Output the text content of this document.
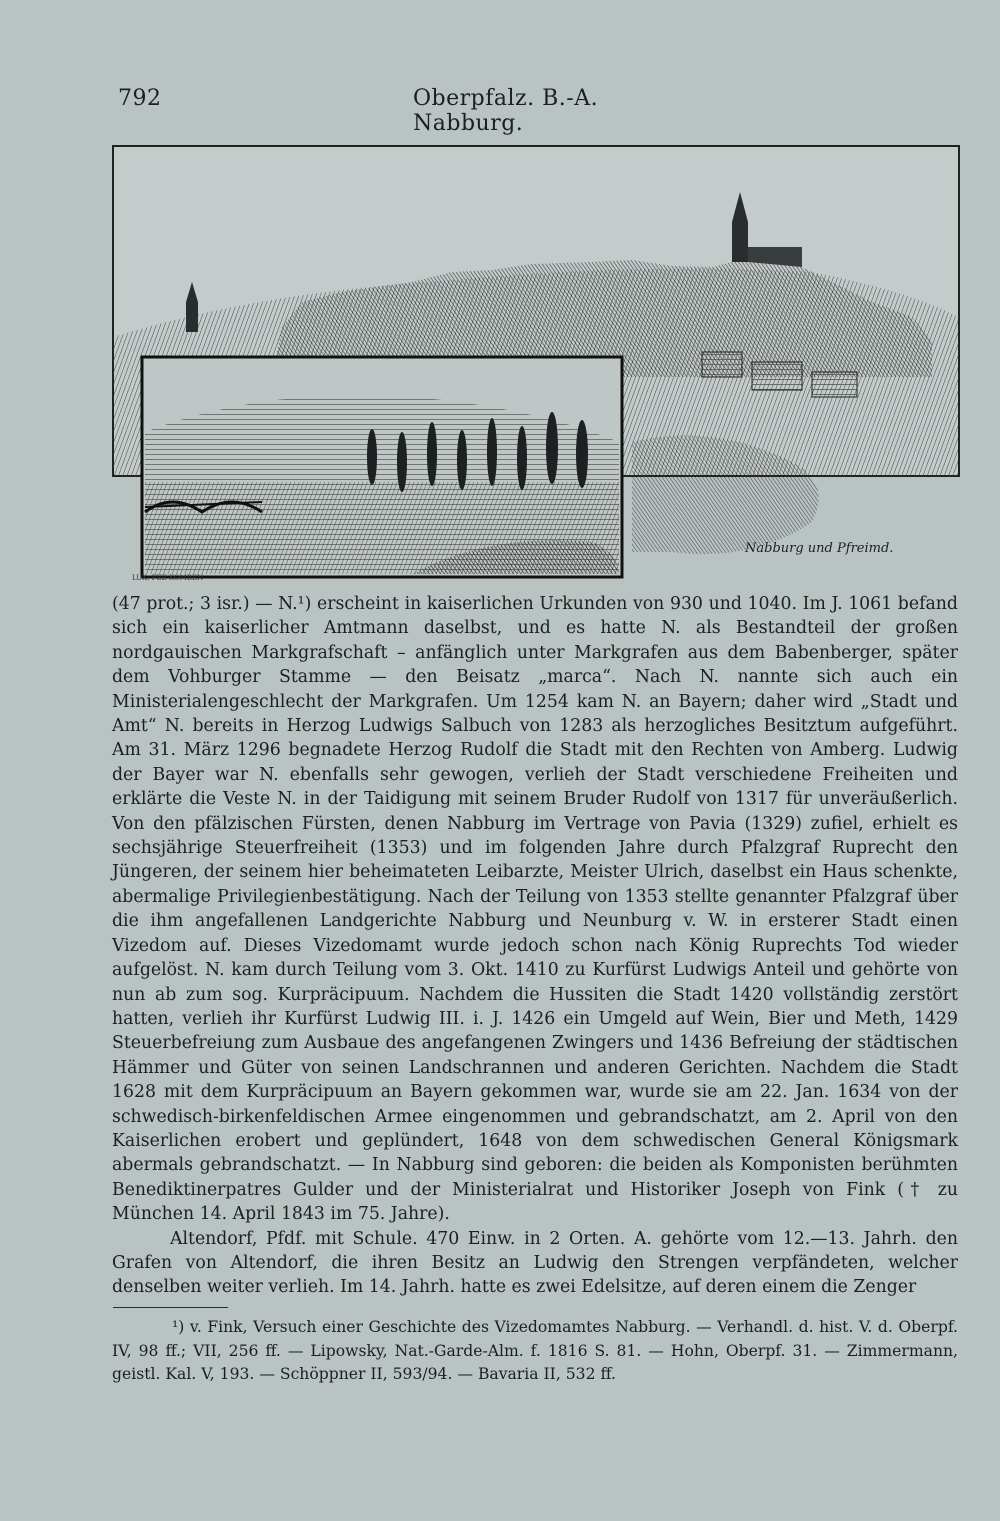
792	Oberpfalz. B.-A. Nabburg.
Nabburg und Pfreimd.
LUX. FEE KOMBEN

(47 prot.; 3 isr.) — N.¹) erscheint in kaiserlichen Urkunden von 930 und 1040. Im J. 1061 befand sich ein kaiserlicher Amtmann daselbst, und es hatte N. als Bestandteil der großen nordgauischen Markgrafschaft – anfänglich unter Markgrafen aus dem Babenberger, später dem Vohburger Stamme — den Beisatz „marca“. Nach N. nannte sich auch ein Ministerialengeschlecht der Markgrafen. Um 1254 kam N. an Bayern; daher wird „Stadt und Amt“ N. bereits in Herzog Ludwigs Salbuch von 1283 als herzogliches Besitztum aufgeführt. Am 31. März 1296 begnadete Herzog Rudolf die Stadt mit den Rechten von Amberg. Ludwig der Bayer war N. ebenfalls sehr gewogen, verlieh der Stadt verschiedene Freiheiten und erklärte die Veste N. in der Taidigung mit seinem Bruder Rudolf von 1317 für unveräußerlich. Von den pfälzischen Fürsten, denen Nabburg im Vertrage von Pavia (1329) zufiel, erhielt es sechsjährige Steuerfreiheit (1353) und im folgenden Jahre durch Pfalzgraf Ruprecht den Jüngeren, der seinem hier beheimateten Leibarzte, Meister Ulrich, daselbst ein Haus schenkte, abermalige Privilegienbestätigung. Nach der Teilung von 1353 stellte genannter Pfalzgraf über die ihm angefallenen Landgerichte Nabburg und Neunburg v. W. in ersterer Stadt einen Vizedom auf. Dieses Vizedomamt wurde jedoch schon nach König Ruprechts Tod wieder aufgelöst. N. kam durch Teilung vom 3. Okt. 1410 zu Kurfürst Ludwigs Anteil und gehörte von nun ab zum sog. Kurpräcipuum. Nachdem die Hussiten die Stadt 1420 vollständig zerstört hatten, verlieh ihr Kurfürst Ludwig III. i. J. 1426 ein Umgeld auf Wein, Bier und Meth, 1429 Steuerbefreiung zum Ausbaue des angefangenen Zwingers und 1436 Befreiung der städtischen Hämmer und Güter von seinen Landschrannen und anderen Gerichten. Nachdem die Stadt 1628 mit dem Kurpräcipuum an Bayern gekommen war, wurde sie am 22. Jan. 1634 von der schwedisch-birkenfeldischen Armee eingenommen und gebrandschatzt, am 2. April von den Kaiserlichen erobert und geplündert, 1648 von dem schwedischen General Königsmark abermals gebrandschatzt. — In Nabburg sind geboren: die beiden als Komponisten berühmten Benediktinerpatres Gulder und der Ministerialrat und Historiker Joseph von Fink († zu München 14. April 1843 im 75. Jahre).

Altendorf, Pfdf. mit Schule. 470 Einw. in 2 Orten. A. gehörte vom 12.—13. Jahrh. den Grafen von Altendorf, die ihren Besitz an Ludwig den Strengen verpfändeten, welcher denselben weiter verlieh. Im 14. Jahrh. hatte es zwei Edelsitze, auf deren einem die Zenger

¹) v. Fink, Versuch einer Geschichte des Vizedomamtes Nabburg. — Verhandl. d. hist. V. d. Oberpf. IV, 98 ff.; VII, 256 ff. — Lipowsky, Nat.-Garde-Alm. f. 1816 S. 81. — Hohn, Oberpf. 31. — Zimmermann, geistl. Kal. V, 193. — Schöppner II, 593/94. — Bavaria II, 532 ff.
